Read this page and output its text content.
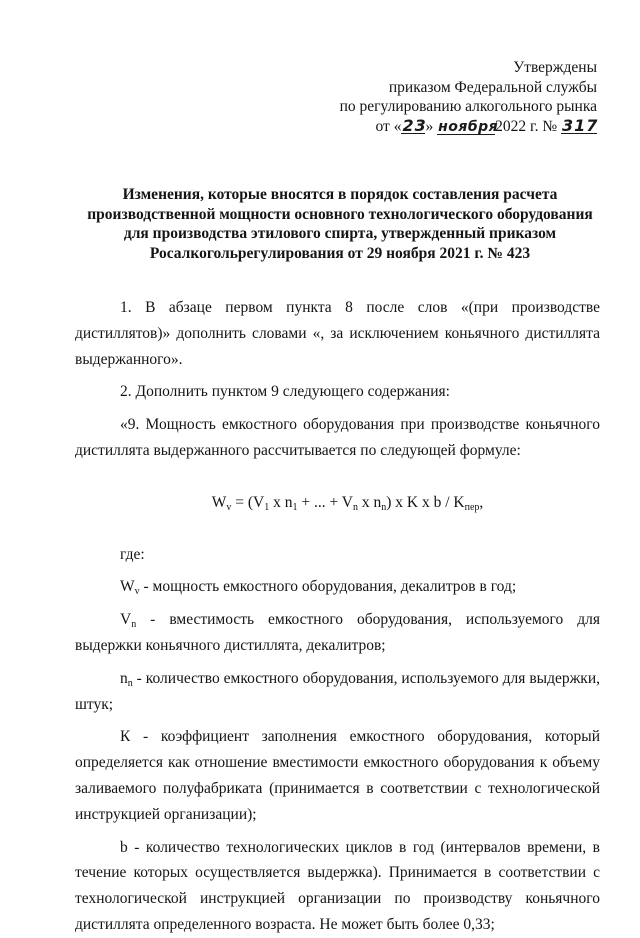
Утверждены
приказом Федеральной службы
по регулированию алкогольного рынка
от «23» ноября2022 г. № 317
Изменения, которые вносятся в порядок составления расчета
производственной мощности основного технологического оборудования
для производства этилового спирта, утвержденный приказом
Росалкогольрегулирования от 29 ноября 2021 г. № 423

1. В абзаце первом пункта 8 после слов «(при производстве дистиллятов)» дополнить словами «, за исключением коньячного дистиллята выдержанного».

2. Дополнить пунктом 9 следующего содержания:

«9. Мощность емкостного оборудования при производстве коньячного дистиллята выдержанного рассчитывается по следующей формуле:

$W_v = (V_1$ x $n_1$ + ... + $V_n$ x $n_n$) x K x b / $K_{пер}$,

где:

$W_v$ - мощность емкостного оборудования, декалитров в год;

$V_n$ - вместимость емкостного оборудования, используемого для выдержки коньячного дистиллята, декалитров;

$n_n$ - количество емкостного оборудования, используемого для выдержки, штук;

К - коэффициент заполнения емкостного оборудования, который определяется как отношение вместимости емкостного оборудования к объему заливаемого полуфабриката (принимается в соответствии с технологической инструкцией организации);

b - количество технологических циклов в год (интервалов времени, в течение которых осуществляется выдержка). Принимается в соответствии с технологической инструкцией организации по производству коньячного дистиллята определенного возраста. Не может быть более 0,33;
